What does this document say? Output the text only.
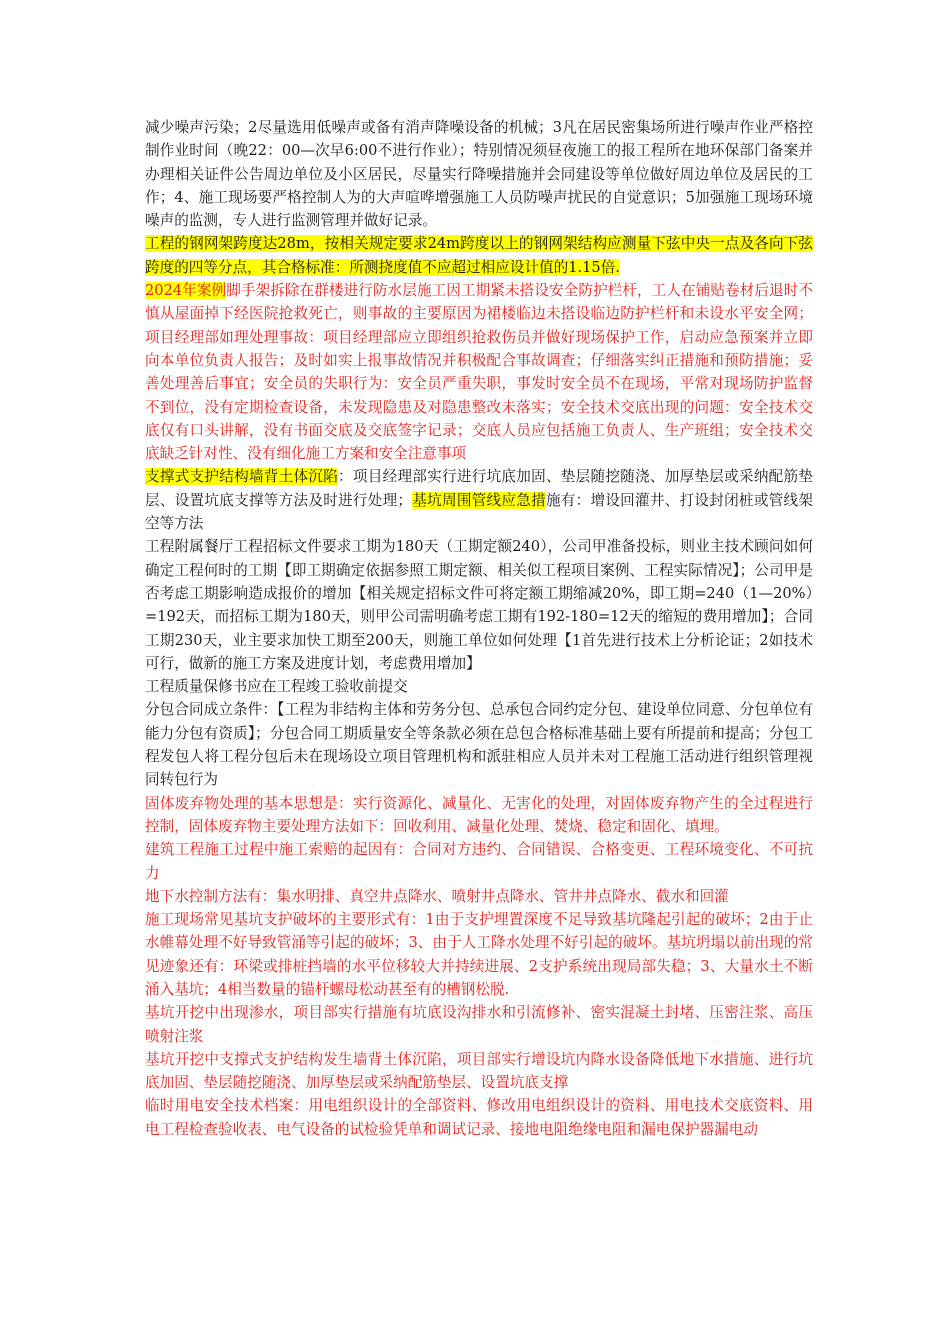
减少噪声污染；2尽量选用低噪声或备有消声降噪设备的机械；3凡在居民密集场所进行噪声作业严格控制作业时间（晚22：00—次早6:00不进行作业）；特别情况须昼夜施工的报工程所在地环保部门备案并办理相关证件公告周边单位及小区居民，尽量实行降噪措施并会同建设等单位做好周边单位及居民的工作；4、施工现场要严格控制人为的大声喧哗增强施工人员防噪声扰民的自觉意识；5加强施工现场环境噪声的监测，专人进行监测管理并做好记录。

工程的钢网架跨度达28m，按相关规定要求24m跨度以上的钢网架结构应测量下弦中央一点及各向下弦跨度的四等分点，其合格标准：所测挠度值不应超过相应设计值的1.15倍.

2024年案例脚手架拆除在群楼进行防水层施工因工期紧未搭设安全防护栏杆，工人在铺贴卷材后退时不慎从屋面掉下经医院抢救死亡，则事故的主要原因为裙楼临边未搭设临边防护栏杆和未设水平安全网；项目经理部如理处理事故：项目经理部应立即组织抢救伤员并做好现场保护工作，启动应急预案并立即向本单位负责人报告；及时如实上报事故情况并积极配合事故调查；仔细落实纠正措施和预防措施；妥善处理善后事宜；安全员的失职行为：安全员严重失职，事发时安全员不在现场，平常对现场防护监督不到位，没有定期检查设备，未发现隐患及对隐患整改未落实；安全技术交底出现的问题：安全技术交底仅有口头讲解，没有书面交底及交底签字记录；交底人员应包括施工负责人、生产班组；安全技术交底缺乏针对性、没有细化施工方案和安全注意事项

支撑式支护结构墙背土体沉陷：项目经理部实行进行坑底加固、垫层随挖随浇、加厚垫层或采纳配筋垫层、设置坑底支撑等方法及时进行处理；基坑周围管线应急措施有：增设回灌井、打设封闭桩或管线架空等方法

工程附属餐厅工程招标文件要求工期为180天（工期定额240），公司甲准备投标，则业主技术顾问如何确定工程何时的工期【即工期确定依据参照工期定额、相关似工程项目案例、工程实际情况】；公司甲是否考虑工期影响造成报价的增加【相关规定招标文件可将定额工期缩减20%，即工期=240（1—20%）=192天，而招标工期为180天，则甲公司需明确考虑工期有192-180=12天的缩短的费用增加】；合同工期230天，业主要求加快工期至200天，则施工单位如何处理【1首先进行技术上分析论证；2如技术可行，做新的施工方案及进度计划，考虑费用增加】

工程质量保修书应在工程竣工验收前提交

分包合同成立条件：【工程为非结构主体和劳务分包、总承包合同约定分包、建设单位同意、分包单位有能力分包有资质】；分包合同工期质量安全等条款必须在总包合格标准基础上要有所提前和提高；分包工程发包人将工程分包后未在现场设立项目管理机构和派驻相应人员并未对工程施工活动进行组织管理视同转包行为

固体废弃物处理的基本思想是：实行资源化、减量化、无害化的处理，对固体废弃物产生的全过程进行控制，固体废弃物主要处理方法如下：回收利用、减量化处理、焚烧、稳定和固化、填埋。

建筑工程施工过程中施工索赔的起因有：合同对方违约、合同错误、合格变更、工程环境变化、不可抗力

地下水控制方法有：集水明排、真空井点降水、喷射井点降水、管井井点降水、截水和回灌

施工现场常见基坑支护破坏的主要形式有：1由于支护埋置深度不足导致基坑隆起引起的破坏；2由于止水帷幕处理不好导致管涌等引起的破坏；3、由于人工降水处理不好引起的破坏。基坑坍塌以前出现的常见迹象还有：环梁或排桩挡墙的水平位移较大并持续进展、2支护系统出现局部失稳；3、大量水土不断涌入基坑；4相当数量的锚杆螺母松动甚至有的槽钢松脱.

基坑开挖中出现渗水，项目部实行措施有坑底设沟排水和引流修补、密实混凝土封堵、压密注浆、高压喷射注浆

基坑开挖中支撑式支护结构发生墙背土体沉陷，项目部实行增设坑内降水设备降低地下水措施、进行坑底加固、垫层随挖随浇、加厚垫层或采纳配筋垫层、设置坑底支撑

临时用电安全技术档案：用电组织设计的全部资料、修改用电组织设计的资料、用电技术交底资料、用电工程检查验收表、电气设备的试检验凭单和调试记录、接地电阻绝缘电阻和漏电保护器漏电动
